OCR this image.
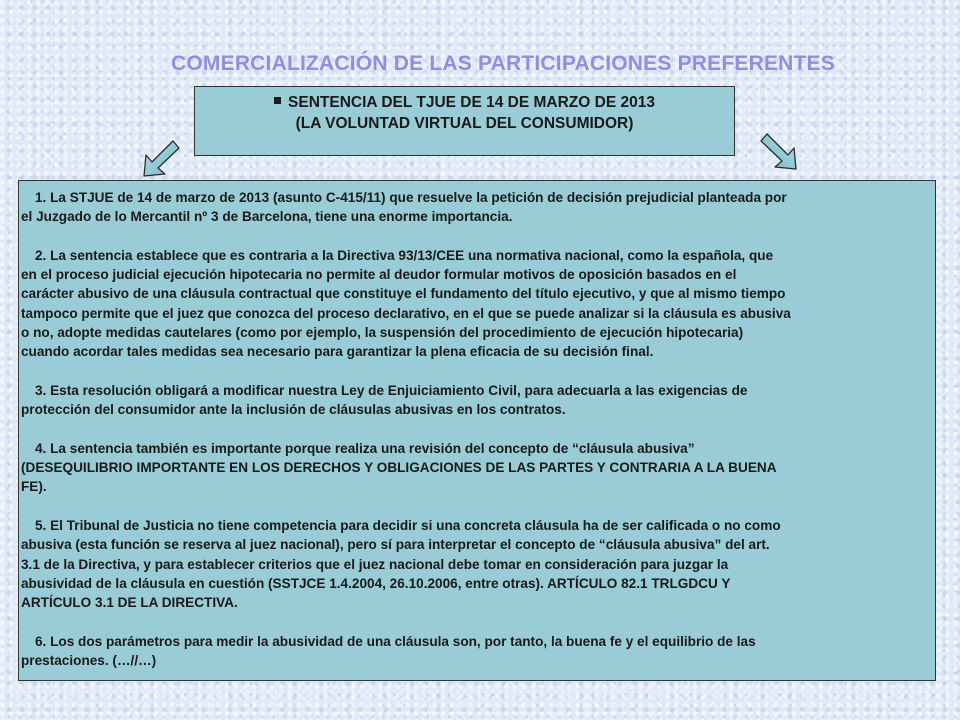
COMERCIALIZACIÓN DE LAS PARTICIPACIONES PREFERENTES
SENTENCIA DEL TJUE DE 14 DE MARZO DE 2013
(LA VOLUNTAD VIRTUAL DEL CONSUMIDOR)

1. La STJUE de 14 de marzo de 2013 (asunto C-415/11) que resuelve la petición de decisión prejudicial planteada por
el Juzgado de lo Mercantil nº 3 de Barcelona, tiene una enorme importancia.

2. La sentencia establece que es contraria a la Directiva 93/13/CEE una normativa nacional, como la española, que
en el proceso judicial ejecución hipotecaria no permite al deudor formular motivos de oposición basados en el
carácter abusivo de una cláusula contractual que constituye el fundamento del título ejecutivo, y que al mismo tiempo
tampoco permite que el juez que conozca del proceso declarativo, en el que se puede analizar si la cláusula es abusiva
o no, adopte medidas cautelares (como por ejemplo, la suspensión del procedimiento de ejecución hipotecaria)
cuando acordar tales medidas sea necesario para garantizar la plena eficacia de su decisión final.

3. Esta resolución obligará a modificar nuestra Ley de Enjuiciamiento Civil, para adecuarla a las exigencias de
protección del consumidor ante la inclusión de cláusulas abusivas en los contratos.

4. La sentencia también es importante porque realiza una revisión del concepto de “cláusula abusiva”
(DESEQUILIBRIO IMPORTANTE EN LOS DERECHOS Y OBLIGACIONES DE LAS PARTES Y CONTRARIA A LA BUENA
FE).

5. El Tribunal de Justicia no tiene competencia para decidir si una concreta cláusula ha de ser calificada o no como
abusiva (esta función se reserva al juez nacional), pero sí para interpretar el concepto de “cláusula abusiva” del art.
3.1 de la Directiva, y para establecer criterios que el juez nacional debe tomar en consideración para juzgar la
abusividad de la cláusula en cuestión (SSTJCE 1.4.2004, 26.10.2006, entre otras). ARTÍCULO 82.1 TRLGDCU Y
ARTÍCULO 3.1 DE LA DIRECTIVA.

6. Los dos parámetros para medir la abusividad de una cláusula son, por tanto, la buena fe y el equilibrio de las
prestaciones. (…//…)
